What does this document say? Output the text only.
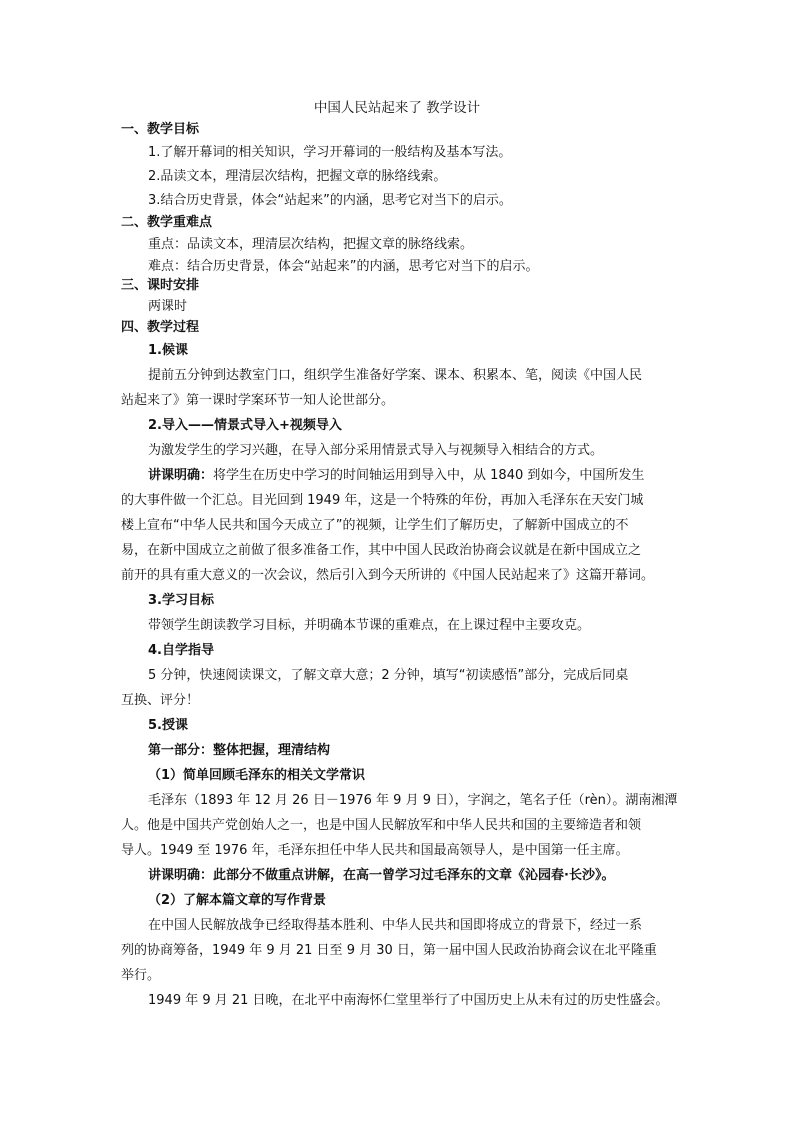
中国人民站起来了 教学设计
一、教学目标
1.了解开幕词的相关知识，学习开幕词的一般结构及基本写法。
2.品读文本，理清层次结构，把握文章的脉络线索。
3.结合历史背景，体会“站起来”的内涵，思考它对当下的启示。
二、教学重难点
重点：品读文本，理清层次结构，把握文章的脉络线索。
难点：结合历史背景，体会“站起来”的内涵，思考它对当下的启示。
三、课时安排
两课时
四、教学过程
1.候课
提前五分钟到达教室门口，组织学生准备好学案、课本、积累本、笔，阅读《中国人民
站起来了》第一课时学案环节一知人论世部分。
2.导入——情景式导入+视频导入
为激发学生的学习兴趣，在导入部分采用情景式导入与视频导入相结合的方式。
讲课明确：将学生在历史中学习的时间轴运用到导入中，从 1840 到如今，中国所发生
的大事件做一个汇总。目光回到 1949 年，这是一个特殊的年份，再加入毛泽东在天安门城
楼上宣布“中华人民共和国今天成立了”的视频，让学生们了解历史，了解新中国成立的不
易，在新中国成立之前做了很多准备工作，其中中国人民政治协商会议就是在新中国成立之
前开的具有重大意义的一次会议，然后引入到今天所讲的《中国人民站起来了》这篇开幕词。
3.学习目标
带领学生朗读教学习目标，并明确本节课的重难点，在上课过程中主要攻克。
4.自学指导
5 分钟，快速阅读课文，了解文章大意；2 分钟，填写“初读感悟”部分，完成后同桌
互换、评分！
5.授课
第一部分：整体把握，理清结构
（1）简单回顾毛泽东的相关文学常识
毛泽东（1893 年 12 月 26 日－1976 年 9 月 9 日），字润之，笔名子任（rèn）。湖南湘潭
人。他是中国共产党创始人之一，也是中国人民解放军和中华人民共和国的主要缔造者和领
导人。1949 至 1976 年，毛泽东担任中华人民共和国最高领导人，是中国第一任主席。
讲课明确：此部分不做重点讲解，在高一曾学习过毛泽东的文章《沁园春·长沙》。
（2）了解本篇文章的写作背景
在中国人民解放战争已经取得基本胜利、中华人民共和国即将成立的背景下，经过一系
列的协商筹备，1949 年 9 月 21 日至 9 月 30 日，第一届中国人民政治协商会议在北平隆重
举行。
1949 年 9 月 21 日晚，在北平中南海怀仁堂里举行了中国历史上从未有过的历史性盛会。
